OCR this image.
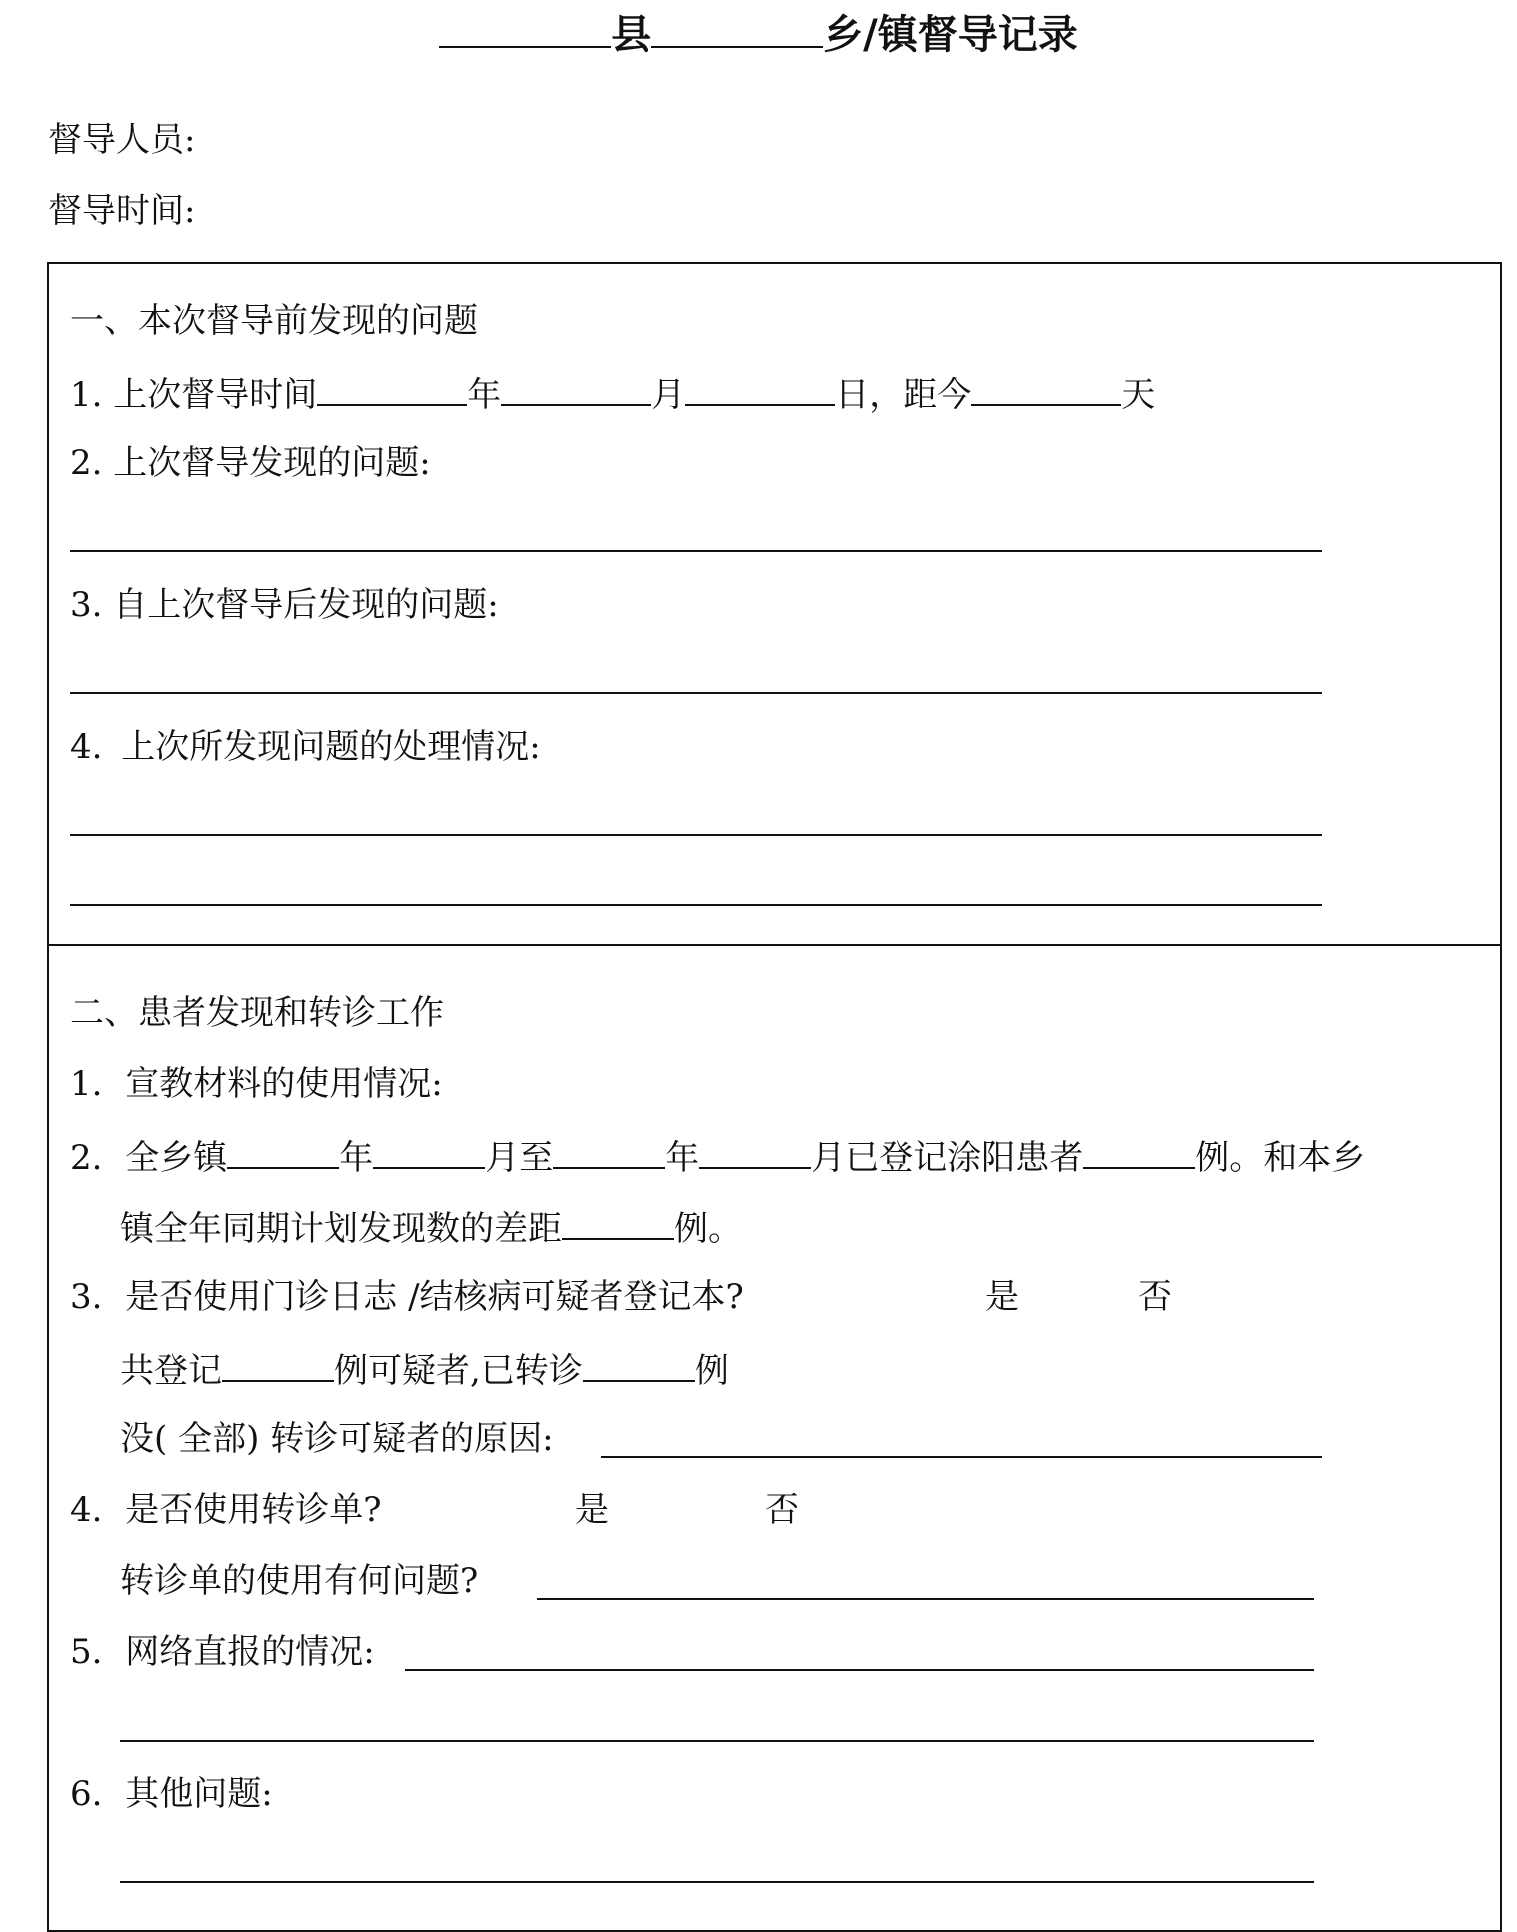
县	乡/镇督导记录
督导人员:
督导时间:
一、本次督导前发现的问题
1. 上次督导时间	年	月	日，距今	天
2. 上次督导发现的问题:
3. 自上次督导后发现的问题:
4. 上次所发现问题的处理情况:
二、患者发现和转诊工作
1. 宣教材料的使用情况:
2. 全乡镇	年	月至	年	月已登记涂阳患者	例。和本乡
镇全年同期计划发现数的差距	例。
3. 是否使用门诊日志 /结核病可疑者登记本?	是	否
共登记	例可疑者,已转诊	例
没( 全部) 转诊可疑者的原因:
4. 是否使用转诊单?	是	否
转诊单的使用有何问题?
5. 网络直报的情况:
6. 其他问题:
